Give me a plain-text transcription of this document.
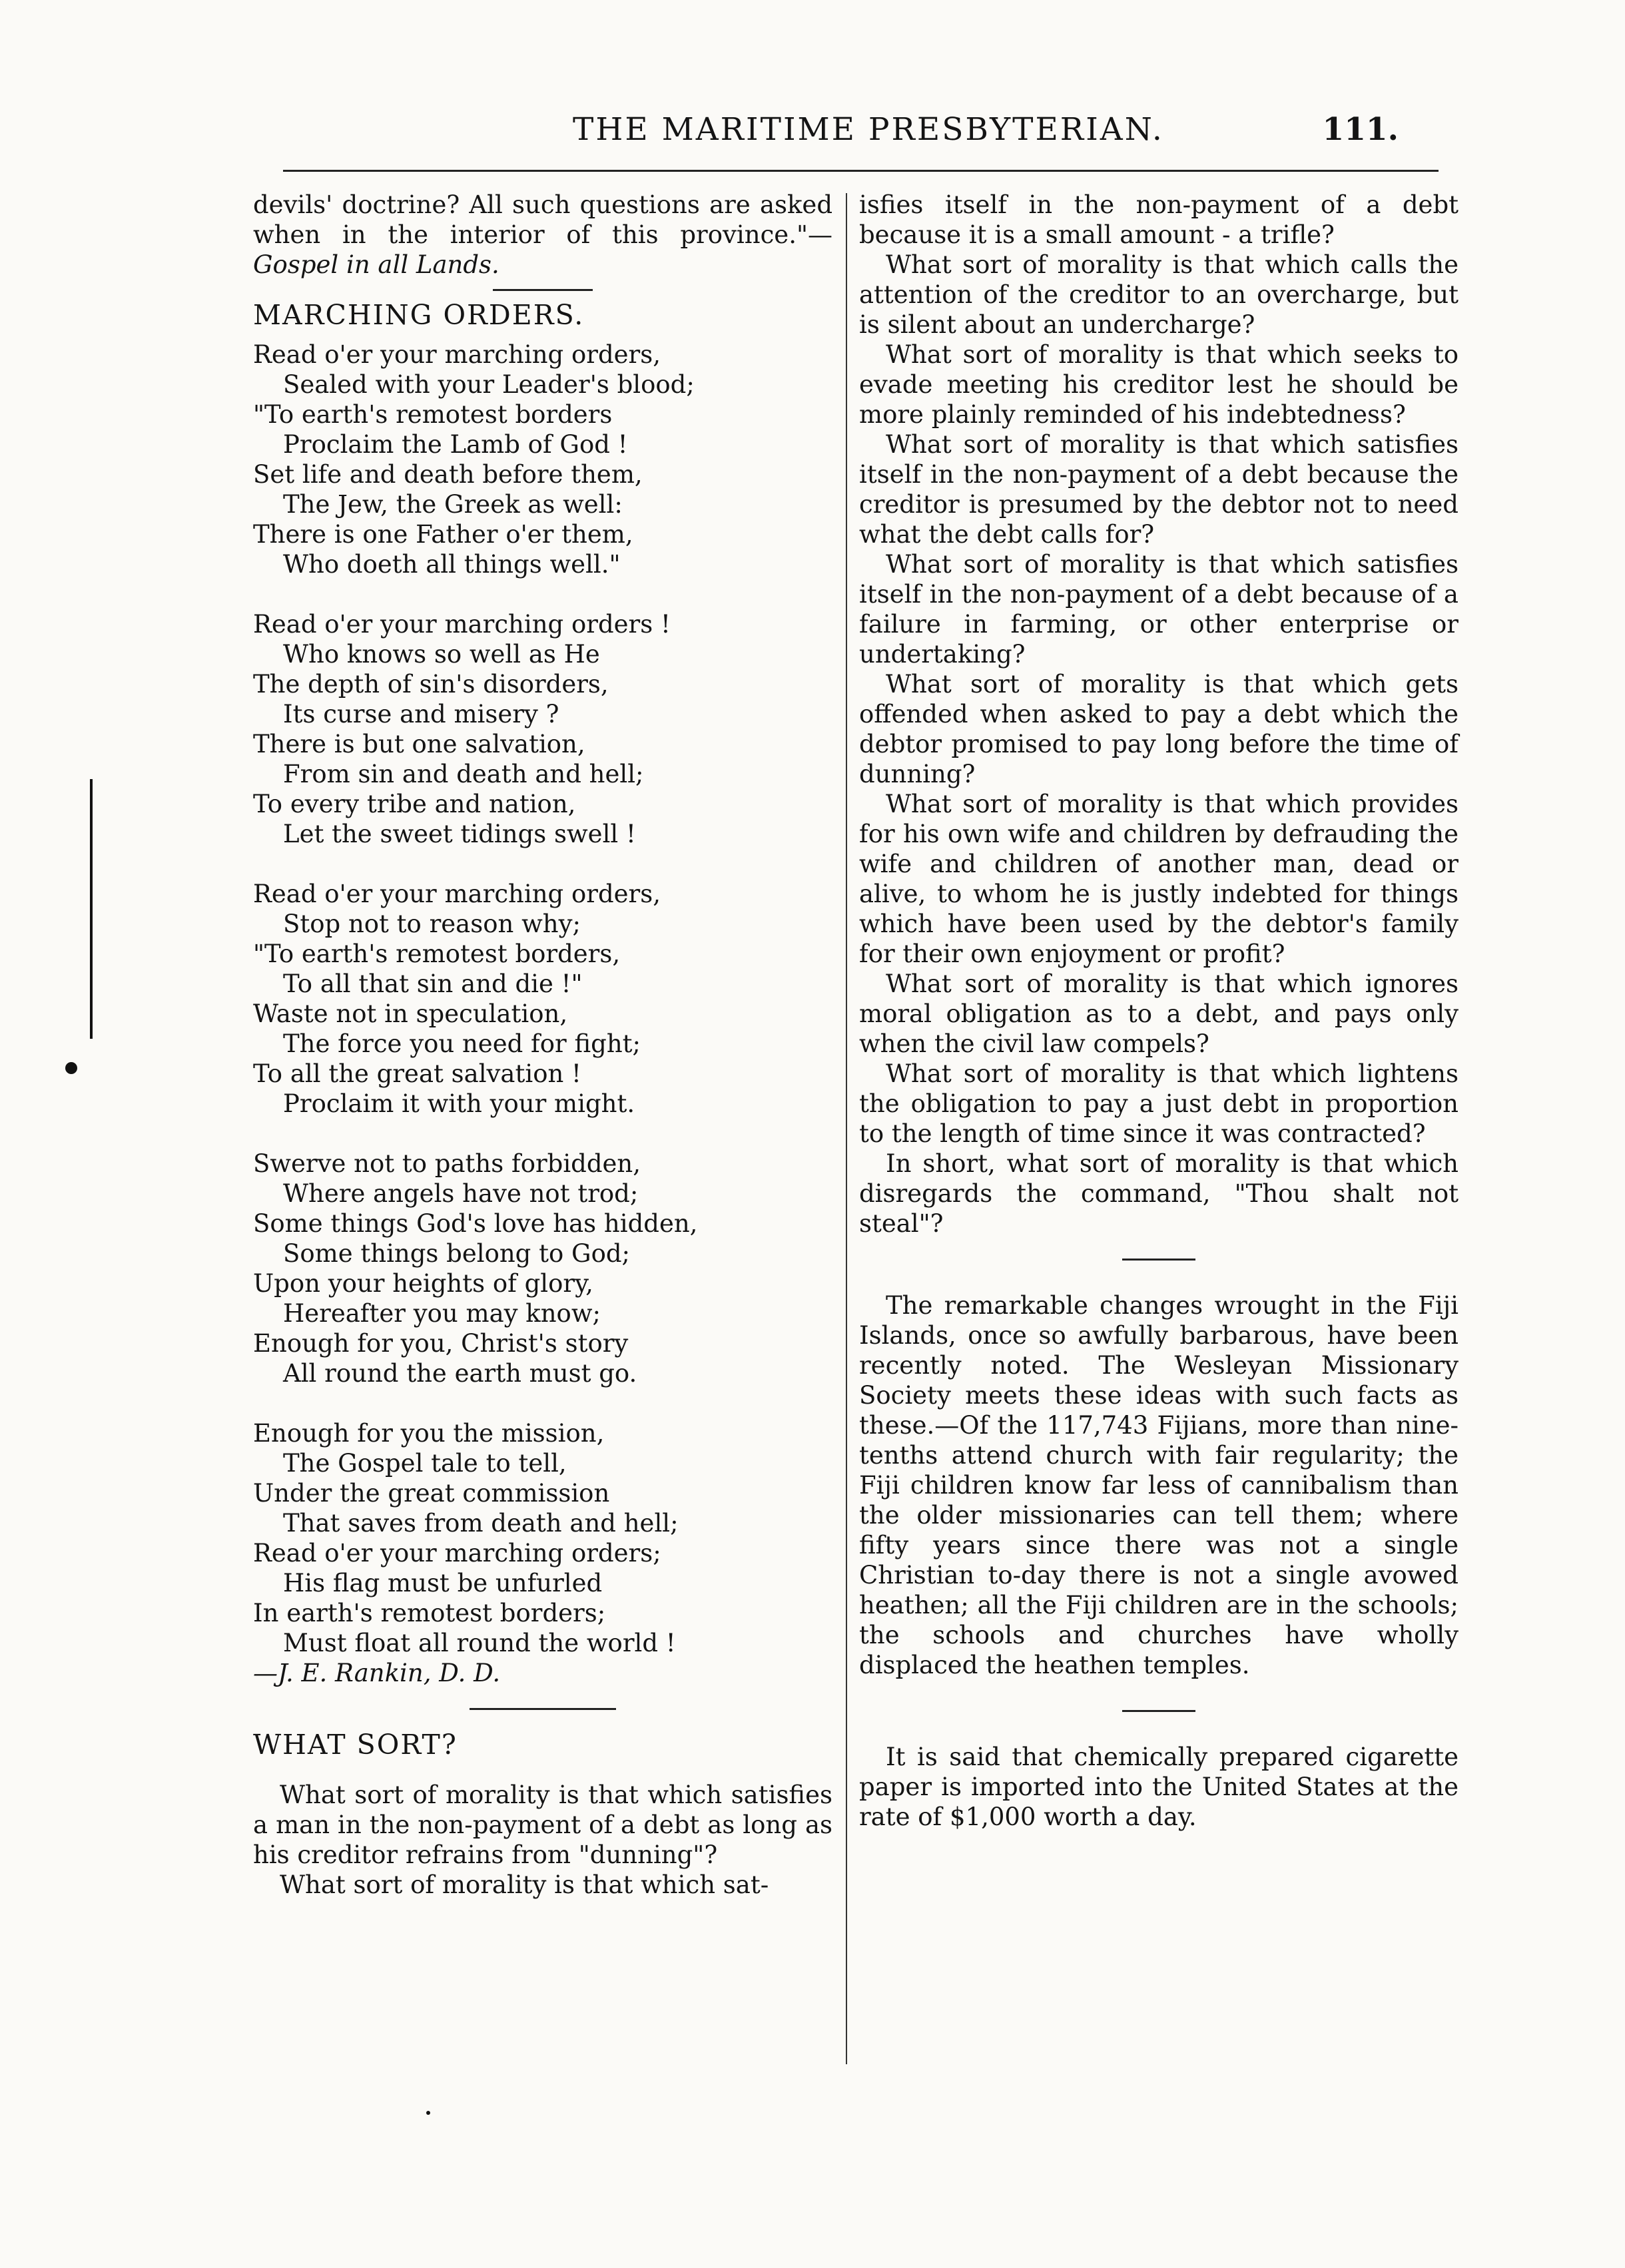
THE MARITIME PRESBYTERIAN.	111.

devils' doctrine? All such questions are asked when in the interior of this province."—Gospel in all Lands.

MARCHING ORDERS.

Read o'er your marching orders,
Sealed with your Leader's blood;
"To earth's remotest borders
Proclaim the Lamb of God !
Set life and death before them,
The Jew, the Greek as well:
There is one Father o'er them,
Who doeth all things well."
Read o'er your marching orders !
Who knows so well as He
The depth of sin's disorders,
Its curse and misery ?
There is but one salvation,
From sin and death and hell;
To every tribe and nation,
Let the sweet tidings swell !
Read o'er your marching orders,
Stop not to reason why;
"To earth's remotest borders,
To all that sin and die !"
Waste not in speculation,
The force you need for fight;
To all the great salvation !
Proclaim it with your might.
Swerve not to paths forbidden,
Where angels have not trod;
Some things God's love has hidden,
Some things belong to God;
Upon your heights of glory,
Hereafter you may know;
Enough for you, Christ's story
All round the earth must go.
Enough for you the mission,
The Gospel tale to tell,
Under the great commission
That saves from death and hell;
Read o'er your marching orders;
His flag must be unfurled
In earth's remotest borders;
Must float all round the world !

—J. E. Rankin, D. D.

WHAT SORT?

What sort of morality is that which satisfies a man in the non-payment of a debt as long as his creditor refrains from "dunning"?

What sort of morality is that which sat-

isfies itself in the non-payment of a debt because it is a small amount - a trifle?

What sort of morality is that which calls the attention of the creditor to an overcharge, but is silent about an undercharge?

What sort of morality is that which seeks to evade meeting his creditor lest he should be more plainly reminded of his indebtedness?

What sort of morality is that which satisfies itself in the non-payment of a debt because the creditor is presumed by the debtor not to need what the debt calls for?

What sort of morality is that which satisfies itself in the non-payment of a debt because of a failure in farming, or other enterprise or undertaking?

What sort of morality is that which gets offended when asked to pay a debt which the debtor promised to pay long before the time of dunning?

What sort of morality is that which provides for his own wife and children by defrauding the wife and children of another man, dead or alive, to whom he is justly indebted for things which have been used by the debtor's family for their own enjoyment or profit?

What sort of morality is that which ignores moral obligation as to a debt, and pays only when the civil law compels?

What sort of morality is that which lightens the obligation to pay a just debt in proportion to the length of time since it was contracted?

In short, what sort of morality is that which disregards the command, "Thou shalt not steal"?

The remarkable changes wrought in the Fiji Islands, once so awfully barbarous, have been recently noted. The Wesleyan Missionary Society meets these ideas with such facts as these.—Of the 117,743 Fijians, more than nine-tenths attend church with fair regularity; the Fiji children know far less of cannibalism than the older missionaries can tell them; where fifty years since there was not a single Christian to-day there is not a single avowed heathen; all the Fiji children are in the schools; the schools and churches have wholly displaced the heathen temples.

It is said that chemically prepared cigarette paper is imported into the United States at the rate of $1,000 worth a day.
